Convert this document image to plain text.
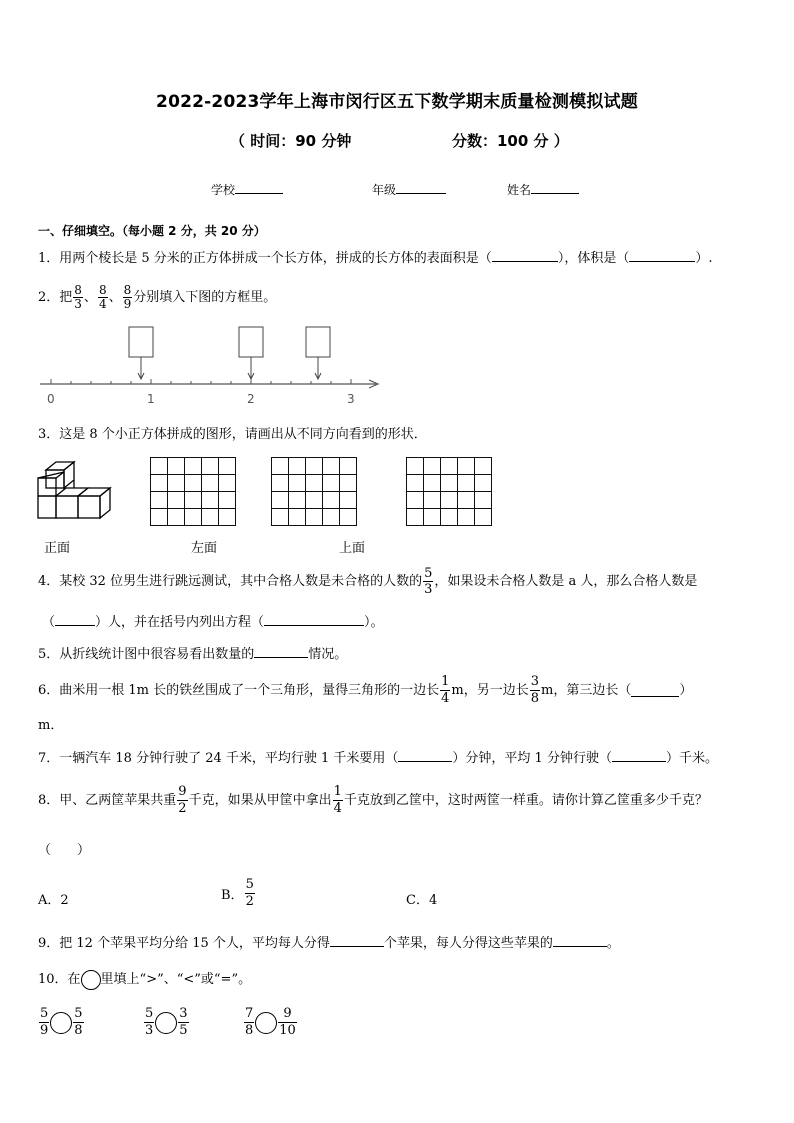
2022-2023学年上海市闵行区五下数学期末质量检测模拟试题
（ 时间：90 分钟	分数：100 分 ）
学校	年级	姓名
一、仔细填空。（每小题 2 分，共 20 分）
1．用两个棱长是 5 分米的正方体拼成一个长方体，拼成的长方体的表面积是（	），体积是（	）.
2．把 $\frac{8}{3}$ 、 $\frac{8}{4}$ 、 $\frac{8}{9}$ 分别填入下图的方框里。
0	1	2	3
3．这是 8 个小正方体拼成的图形，请画出从不同方向看到的形状．

正面	左面	上面
4．某校 32 位男生进行跳远测试，其中合格人数是未合格的人数的 $\frac{5}{3}$ ，如果设未合格人数是 a 人，那么合格人数是
（	）人，并在括号内列出方程（	）。
5．从折线统计图中很容易看出数量的	情况。
6．曲米用一根 1m 长的铁丝围成了一个三角形，量得三角形的一边长 $\frac{1}{4}$ m，另一边长 $\frac{3}{8}$ m，第三边长（	）
m．
7．一辆汽车 18 分钟行驶了 24 千米，平均行驶 1 千米要用（	）分钟，平均 1 分钟行驶（	）千米。
8．甲、乙两筐苹果共重 $\frac{9}{2}$ 千克，如果从甲筐中拿出 $\frac{1}{4}$ 千克放到乙筐中，这时两筐一样重。请你计算乙筐重多少千克？
（　　）
A．2	B． $\frac{5}{2}$	C．4
9．把 12 个苹果平均分给 15 个人，平均每人分得	个苹果，每人分得这些苹果的	。
10．在 里填上“>”、“<”或“=”。
$\frac{5}{9} \frac{5}{8}$	$\frac{5}{3} \frac{3}{5}$	$\frac{7}{8} \frac{9}{10}$
